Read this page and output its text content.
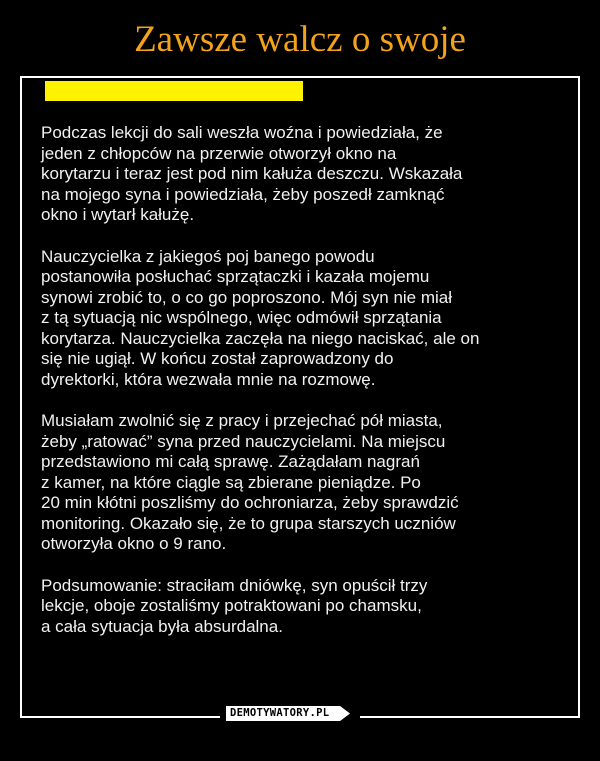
Zawsze walcz o swoje

Podczas lekcji do sali weszła woźna i powiedziała, że
jeden z chłopców na przerwie otworzył okno na
korytarzu i teraz jest pod nim kałuża deszczu. Wskazała
na mojego syna i powiedziała, żeby poszedł zamknąć
okno i wytarł kałużę.

Nauczycielka z jakiegoś poj banego powodu
postanowiła posłuchać sprzątaczki i kazała mojemu
synowi zrobić to, o co go poproszono. Mój syn nie miał
z tą sytuacją nic wspólnego, więc odmówił sprzątania
korytarza. Nauczycielka zaczęła na niego naciskać, ale on
się nie ugiął. W końcu został zaprowadzony do
dyrektorki, która wezwała mnie na rozmowę.

Musiałam zwolnić się z pracy i przejechać pół miasta,
żeby „ratować” syna przed nauczycielami. Na miejscu
przedstawiono mi całą sprawę. Zażądałam nagrań
z kamer, na które ciągle są zbierane pieniądze. Po
20 min kłótni poszliśmy do ochroniarza, żeby sprawdzić
monitoring. Okazało się, że to grupa starszych uczniów
otworzyła okno o 9 rano.

Podsumowanie: straciłam dniówkę, syn opuścił trzy
lekcje, oboje zostaliśmy potraktowani po chamsku,
a cała sytuacja była absurdalna.

DEMOTYWATORY.PL
